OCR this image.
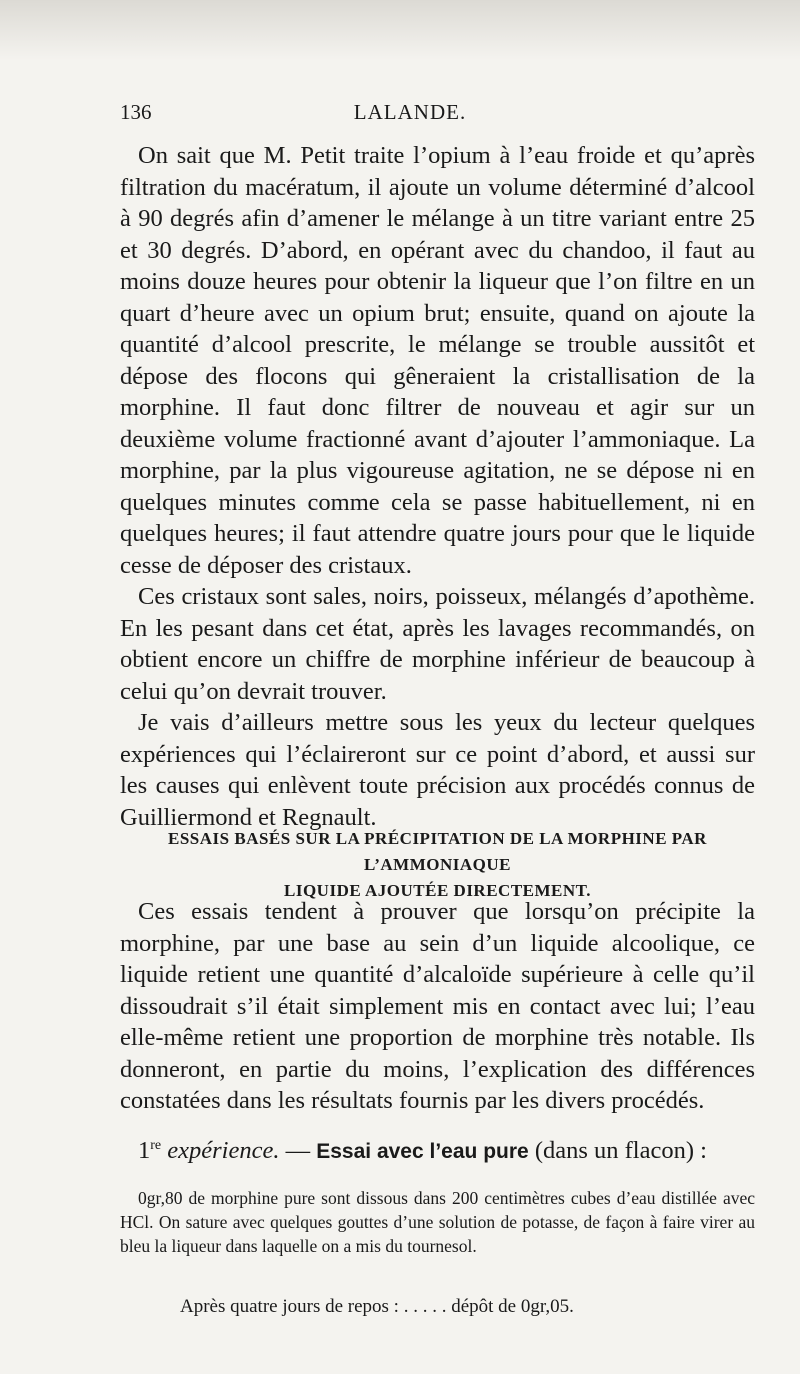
136	LALANDE.

On sait que M. Petit traite l’opium à l’eau froide et qu’après filtration du macératum, il ajoute un volume déterminé d’alcool à 90 degrés afin d’amener le mélange à un titre variant entre 25 et 30 degrés. D’abord, en opérant avec du chandoo, il faut au moins douze heures pour obtenir la liqueur que l’on filtre en un quart d’heure avec un opium brut; ensuite, quand on ajoute la quantité d’alcool prescrite, le mélange se trouble aussitôt et dépose des flocons qui gêneraient la cristallisation de la morphine. Il faut donc filtrer de nouveau et agir sur un deuxième volume fractionné avant d’ajouter l’ammoniaque. La morphine, par la plus vigoureuse agitation, ne se dépose ni en quelques minutes comme cela se passe habituellement, ni en quelques heures; il faut attendre quatre jours pour que le liquide cesse de déposer des cristaux.

Ces cristaux sont sales, noirs, poisseux, mélangés d’apothème. En les pesant dans cet état, après les lavages recommandés, on obtient encore un chiffre de morphine inférieur de beaucoup à celui qu’on devrait trouver.

Je vais d’ailleurs mettre sous les yeux du lecteur quelques expériences qui l’éclaireront sur ce point d’abord, et aussi sur les causes qui enlèvent toute précision aux procédés connus de Guilliermond et Regnault.

ESSAIS BASÉS SUR LA PRÉCIPITATION DE LA MORPHINE PAR L’AMMONIAQUE
LIQUIDE AJOUTÉE DIRECTEMENT.

Ces essais tendent à prouver que lorsqu’on précipite la morphine, par une base au sein d’un liquide alcoolique, ce liquide retient une quantité d’alcaloïde supérieure à celle qu’il dissoudrait s’il était simplement mis en contact avec lui; l’eau elle-même retient une proportion de morphine très notable. Ils donneront, en partie du moins, l’explication des différences constatées dans les résultats fournis par les divers procédés.

1re expérience. — Essai avec l’eau pure (dans un flacon) :

0gr,80 de morphine pure sont dissous dans 200 centimètres cubes d’eau distillée avec HCl. On sature avec quelques gouttes d’une solution de potasse, de façon à faire virer au bleu la liqueur dans laquelle on a mis du tournesol.

Après quatre jours de repos : . . . . . dépôt de 0gr,05.
